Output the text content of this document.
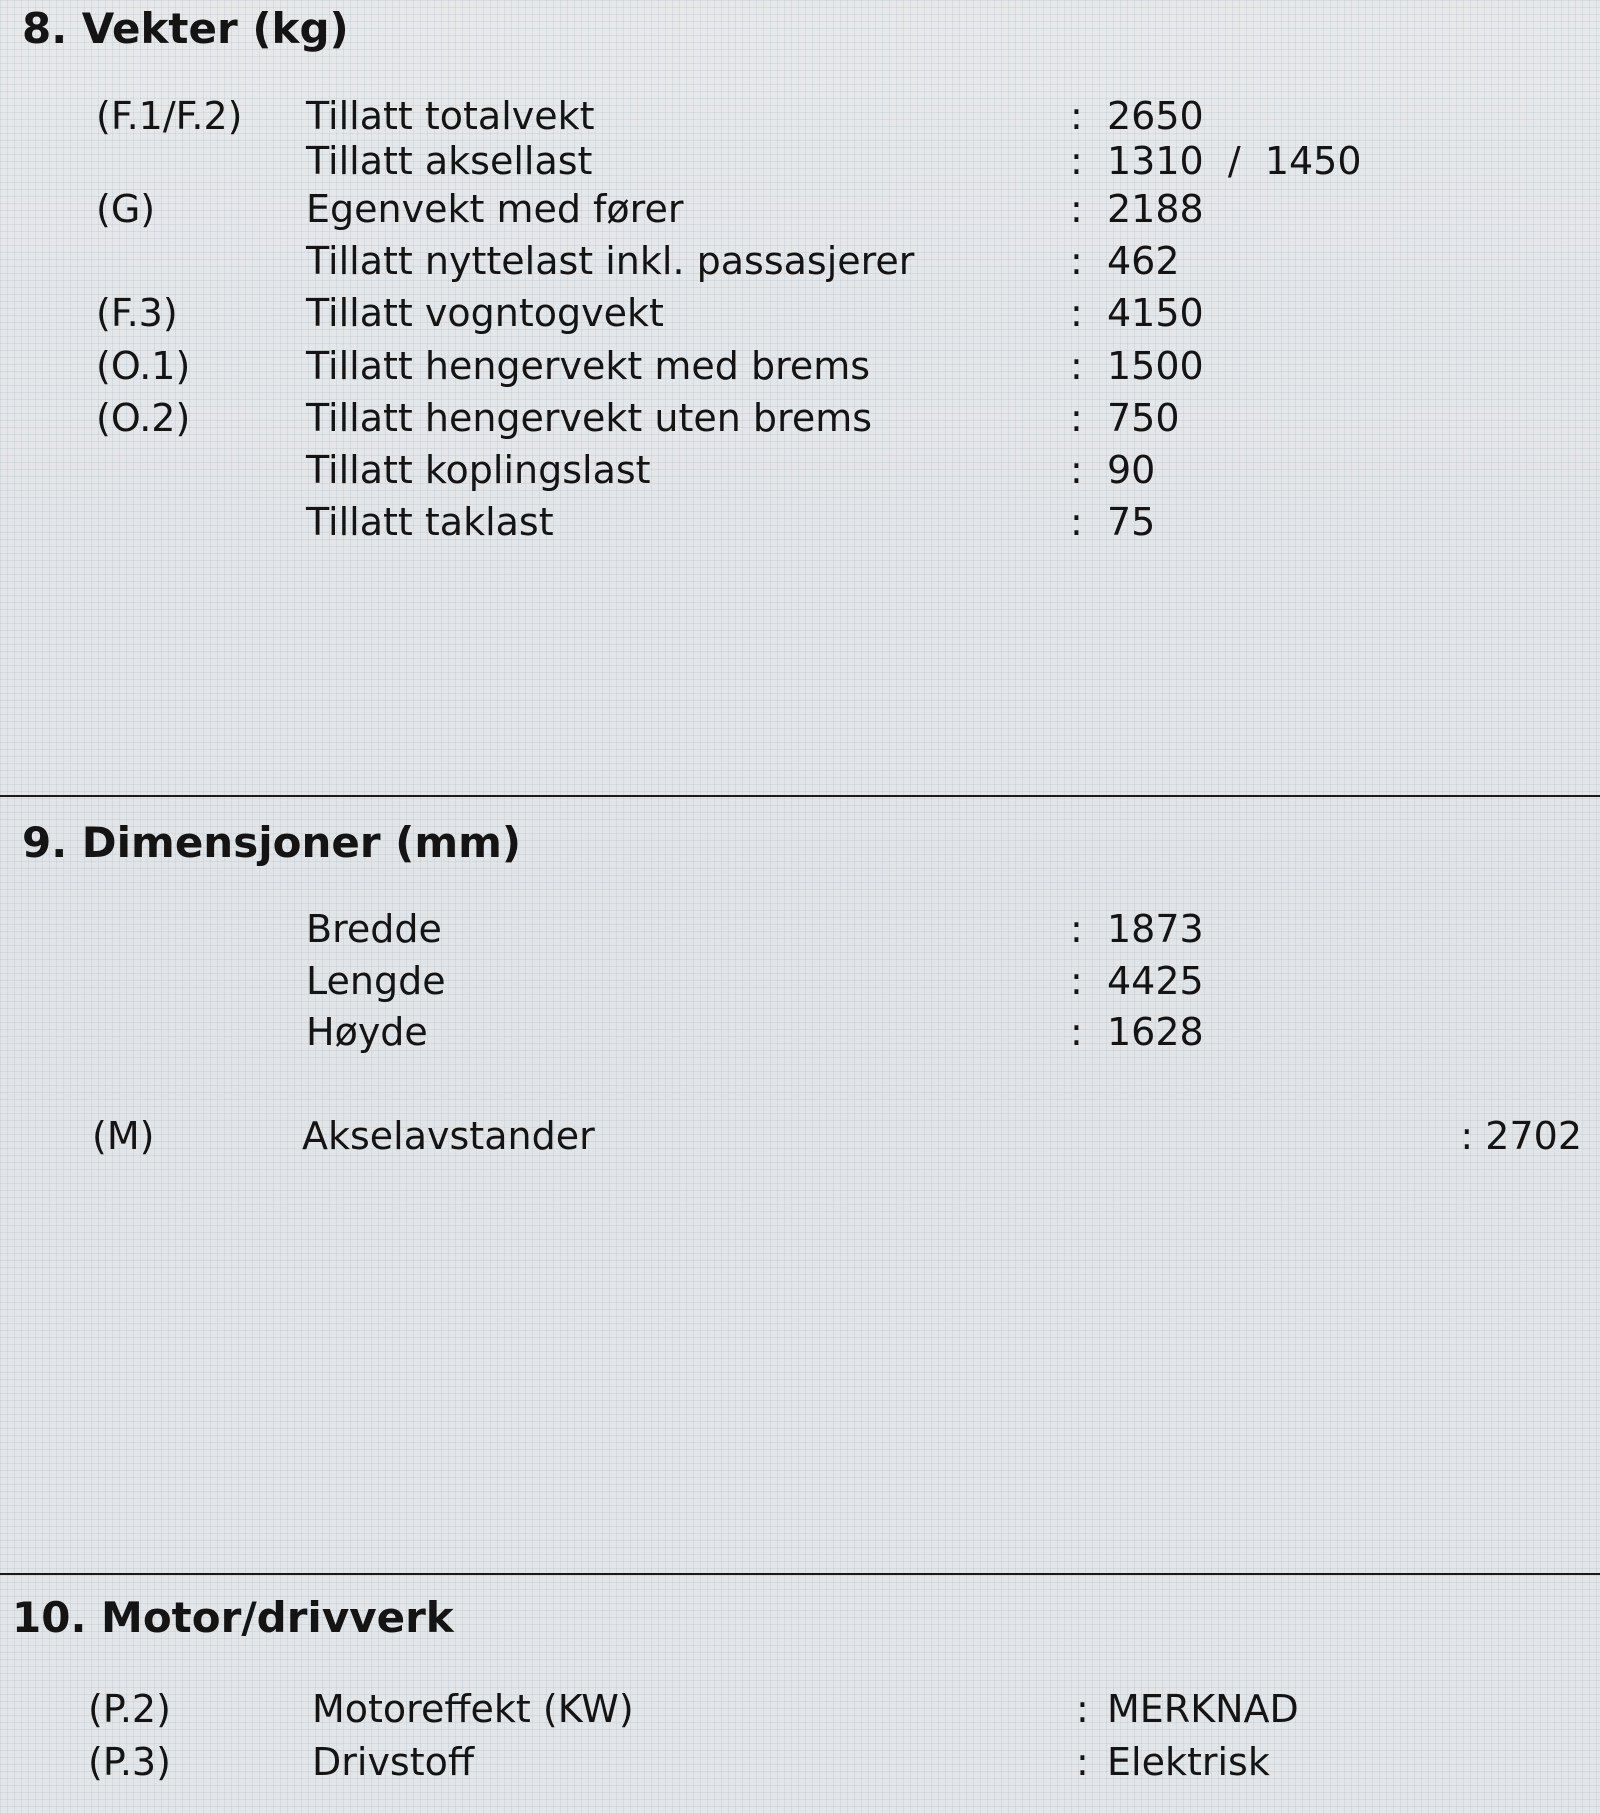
8. Vekter (kg)
(F.1/F.2) Tillatt totalvekt	: 2650
Tillatt aksellast	: 1310  /  1450
(G)	Egenvekt med fører	: 2188
Tillatt nyttelast inkl. passasjerer	: 462
(F.3)	Tillatt vogntogvekt	: 4150
(O.1)	Tillatt hengervekt med brems	: 1500
(O.2)	Tillatt hengervekt uten brems	: 750
Tillatt koplingslast	: 90
Tillatt taklast	: 75
9. Dimensjoner (mm)
Bredde	: 1873
Lengde	: 4425
Høyde	: 1628
(M)	Akselavstander	: 2702
10. Motor/drivverk
(P.2)	Motoreffekt (KW)	: MERKNAD
(P.3)	Drivstoff	: Elektrisk
